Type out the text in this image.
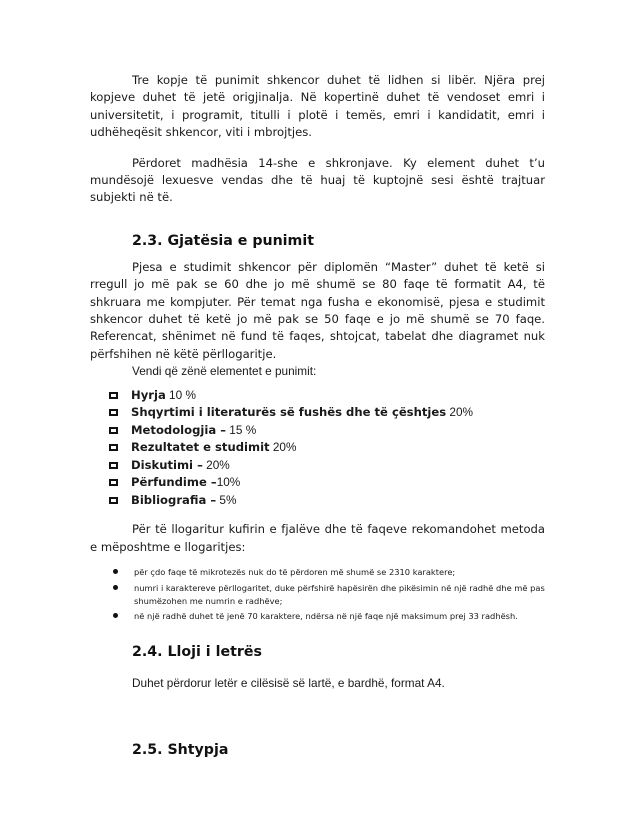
Tre kopje të punimit shkencor duhet të lidhen si libër. Njëra prej kopjeve duhet të jetë origjinalja. Në kopertinë duhet të vendoset emri i universitetit, i programit, titulli i plotë i temës, emri i kandidatit, emri i udhëheqësit shkencor, viti i mbrojtjes.

Përdoret madhësia 14-she e shkronjave. Ky element duhet t’u mundësojë lexuesve vendas dhe të huaj të kuptojnë sesi është trajtuar subjekti në të.

2.3. Gjatësia e punimit

Pjesa e studimit shkencor për diplomën “Master” duhet të ketë si rregull jo më pak se 60 dhe jo më shumë se 80 faqe të formatit A4, të shkruara me kompjuter. Për temat nga fusha e ekonomisë, pjesa e studimit shkencor duhet të ketë jo më pak se 50 faqe e jo më shumë se 70 faqe. Referencat, shënimet në fund të faqes, shtojcat, tabelat dhe diagramet nuk përfshihen në këtë përllogaritje.

Vendi që zënë elementet e punimit:

Hyrja 10 %
Shqyrtimi i literaturës së fushës dhe të çështjes 20%
Metodologjia – 15 %
Rezultatet e studimit 20%
Diskutimi – 20%
Përfundime –10%
Bibliografia – 5%

Për të llogaritur kufirin e fjalëve dhe të faqeve rekomandohet metoda e mëposhtme e llogaritjes:

për çdo faqe të mikrotezës nuk do të përdoren më shumë se 2310 karaktere;
numri i karaktereve përllogaritet, duke përfshirë hapësirën dhe pikësimin në një radhë dhe më pas shumëzohen me numrin e radhëve;
në një radhë duhet të jenë 70 karaktere, ndërsa në një faqe një maksimum prej 33 radhësh.
2.4. Lloji i letrës

Duhet përdorur letër e cilësisë së lartë, e bardhë, format A4.

2.5. Shtypja
